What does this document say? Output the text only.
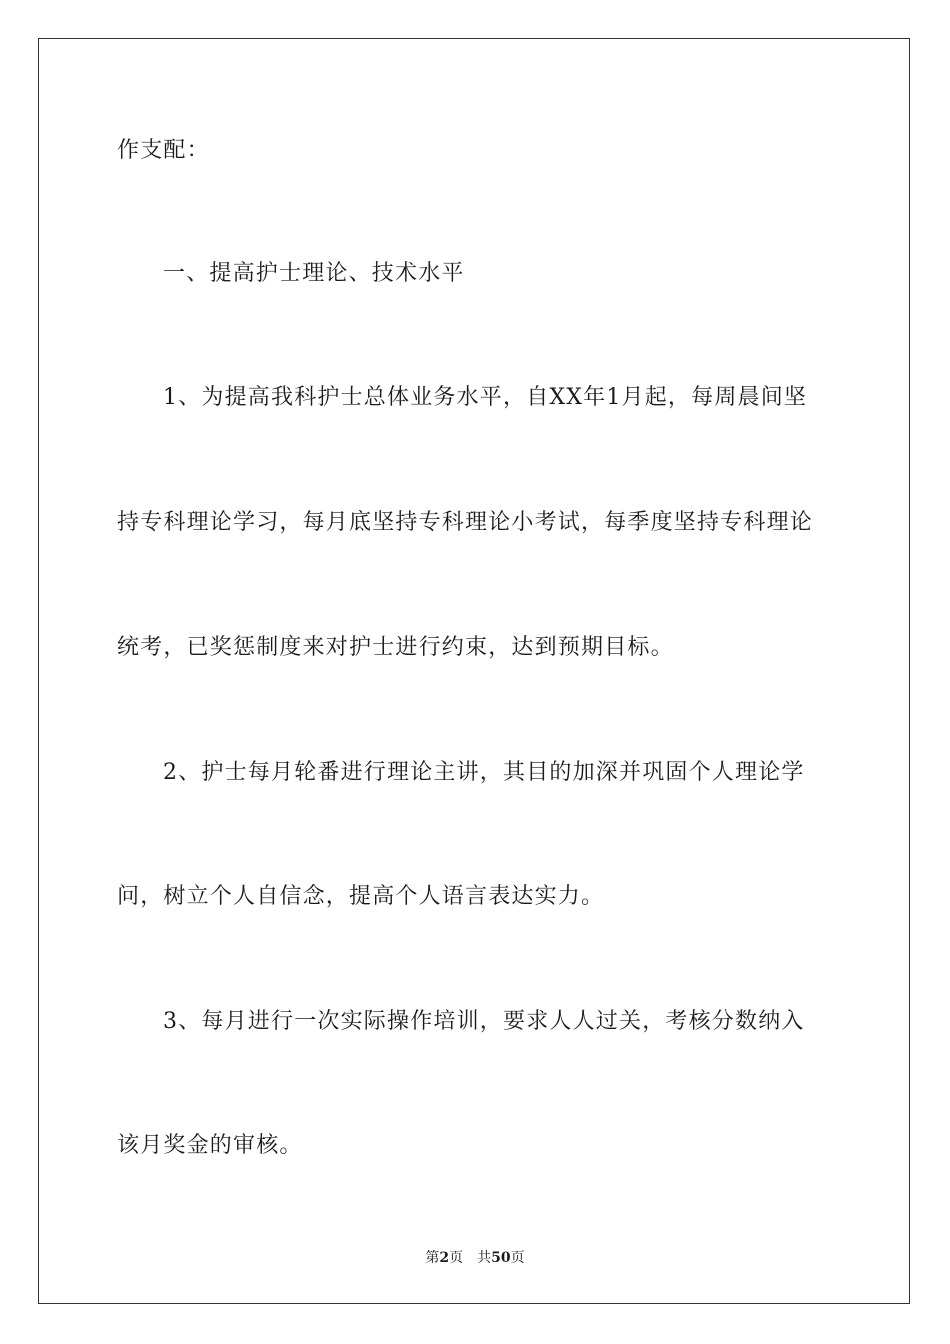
作支配：
一、提高护士理论、技术水平
1、为提高我科护士总体业务水平，自XX年1月起，每周晨间坚
持专科理论学习，每月底坚持专科理论小考试，每季度坚持专科理论
统考，已奖惩制度来对护士进行约束，达到预期目标。
2、护士每月轮番进行理论主讲，其目的加深并巩固个人理论学
问，树立个人自信念，提高个人语言表达实力。
3、每月进行一次实际操作培训，要求人人过关，考核分数纳入
该月奖金的审核。
第2页 共50页
